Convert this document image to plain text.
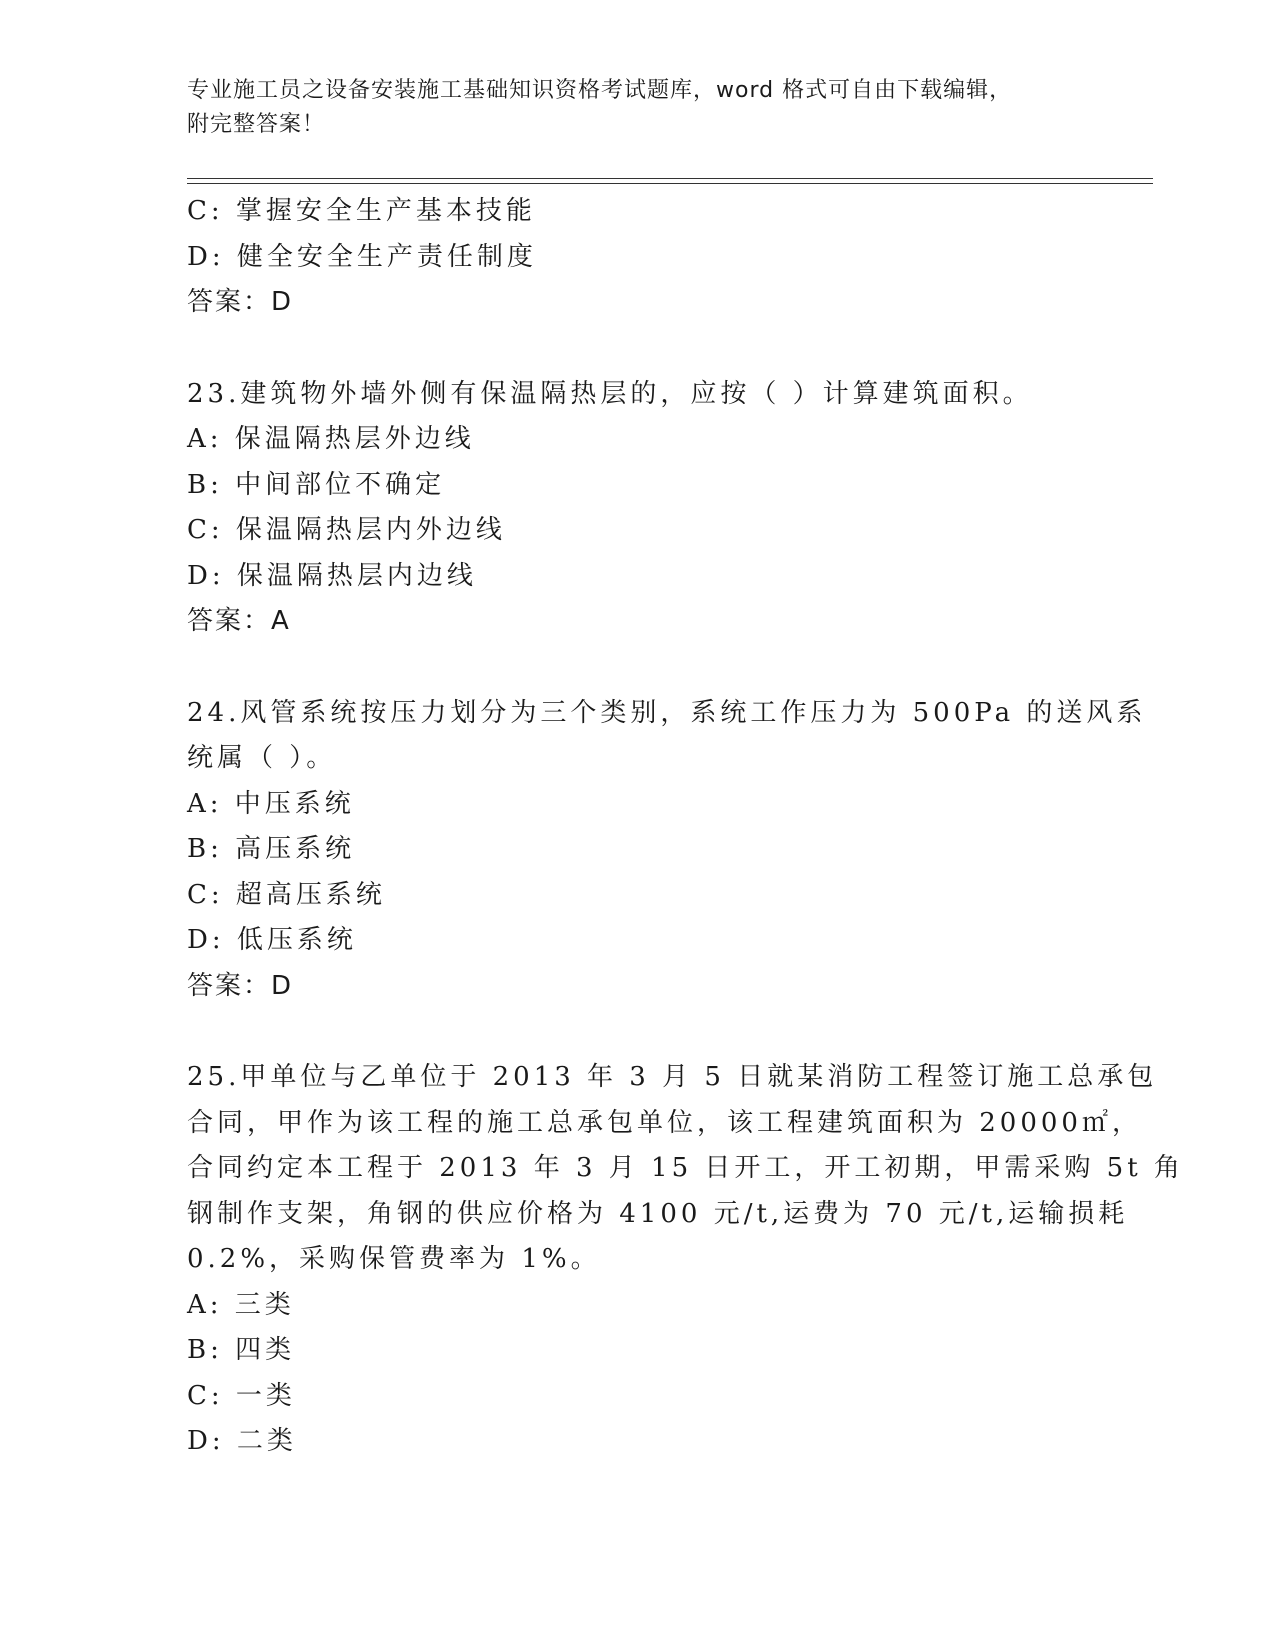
专业施工员之设备安装施工基础知识资格考试题库，word 格式可自由下载编辑，
附完整答案！
C: 掌握安全生产基本技能
D: 健全安全生产责任制度
答案：D
23.建筑物外墙外侧有保温隔热层的，应按（ ）计算建筑面积。
A: 保温隔热层外边线
B: 中间部位不确定
C: 保温隔热层内外边线
D: 保温隔热层内边线
答案：A
24.风管系统按压力划分为三个类别，系统工作压力为 500Pa 的送风系
统属（ ）。
A: 中压系统
B: 高压系统
C: 超高压系统
D: 低压系统
答案：D
25.甲单位与乙单位于 2013 年 3 月 5 日就某消防工程签订施工总承包
合同，甲作为该工程的施工总承包单位，该工程建筑面积为 20000㎡，
合同约定本工程于 2013 年 3 月 15 日开工，开工初期，甲需采购 5t 角
钢制作支架，角钢的供应价格为 4100 元/t,运费为 70 元/t,运输损耗
0.2%，采购保管费率为 1%。
A: 三类
B: 四类
C: 一类
D: 二类
